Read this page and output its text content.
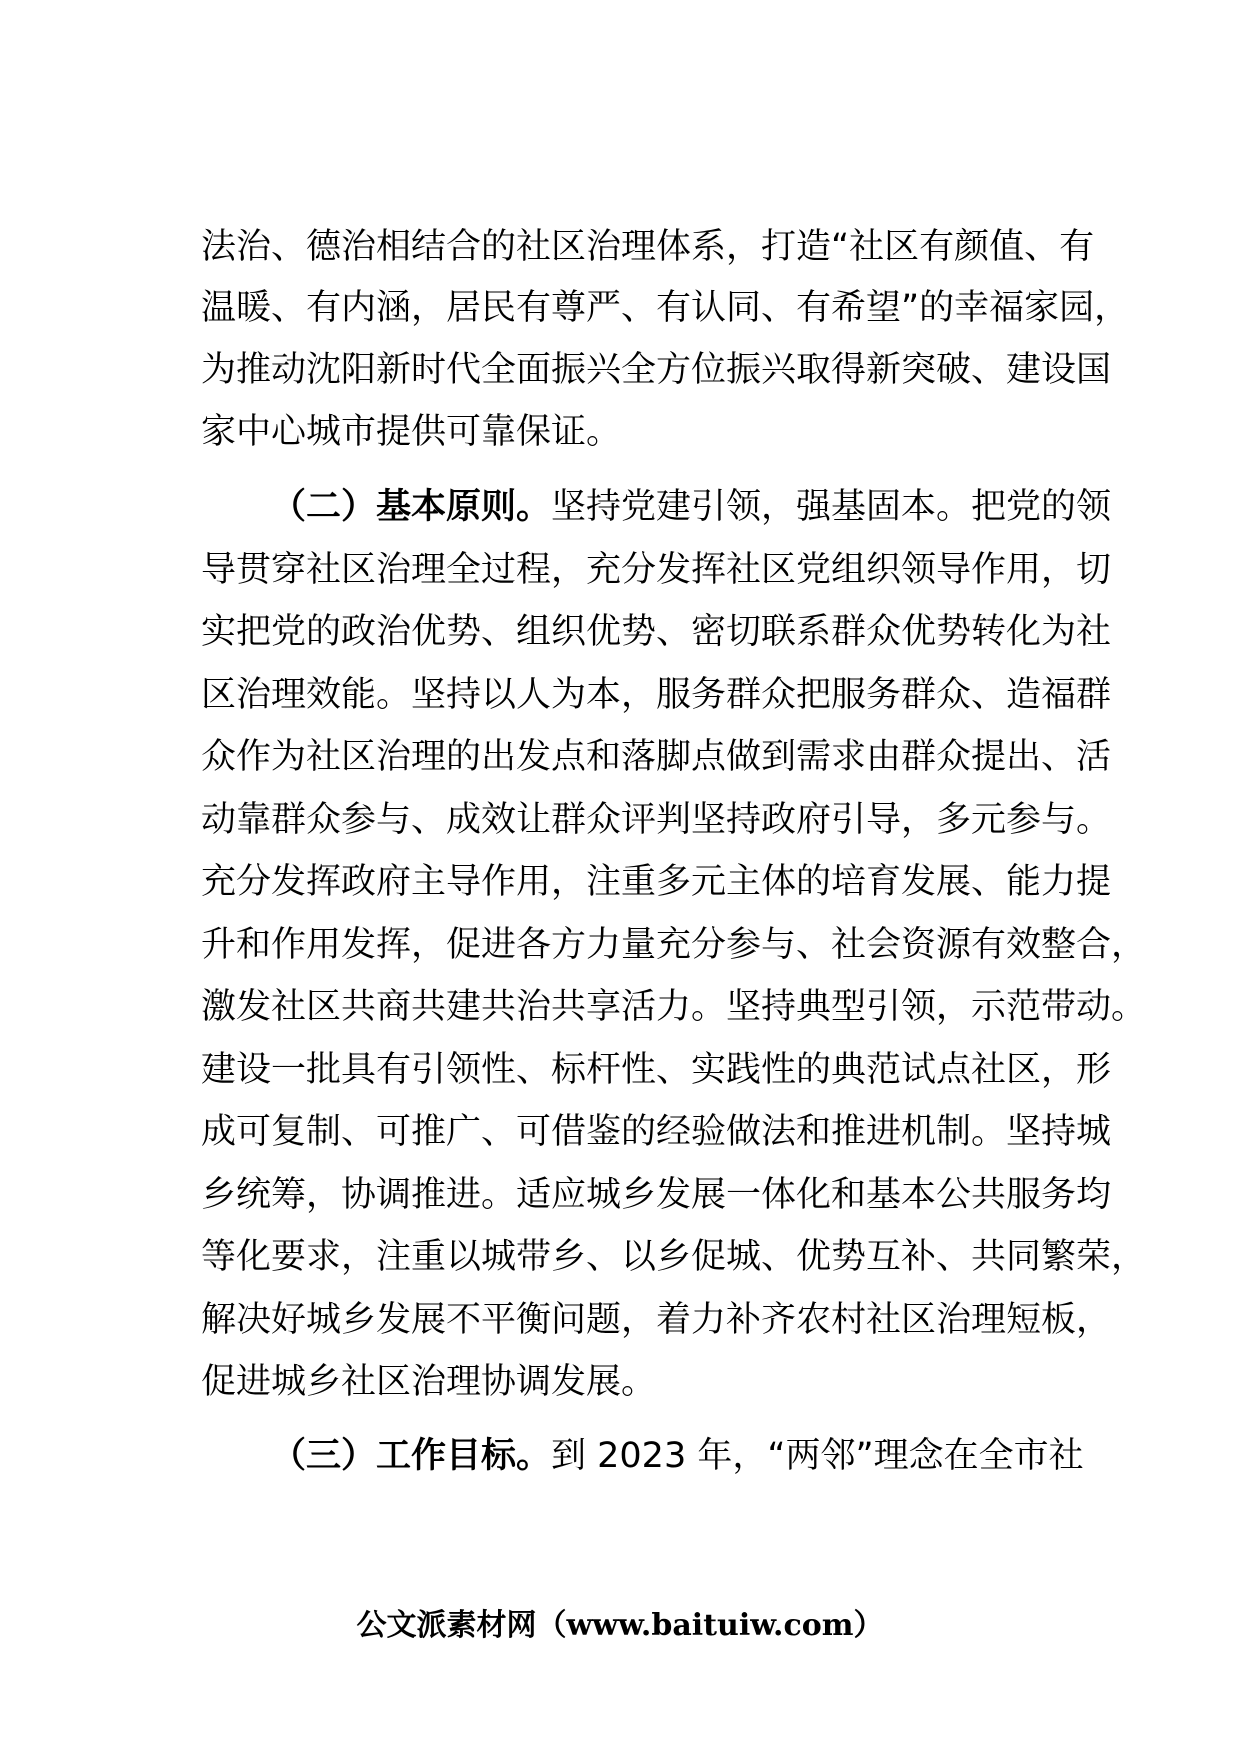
法治、德治相结合的社区治理体系，打造“社区有颜值、有
温暖、有内涵，居民有尊严、有认同、有希望”的幸福家园，
为推动沈阳新时代全面振兴全方位振兴取得新突破、建设国
家中心城市提供可靠保证。
（二）基本原则。坚持党建引领，强基固本。把党的领
导贯穿社区治理全过程，充分发挥社区党组织领导作用，切
实把党的政治优势、组织优势、密切联系群众优势转化为社
区治理效能。坚持以人为本，服务群众把服务群众、造福群
众作为社区治理的出发点和落脚点做到需求由群众提出、活
动靠群众参与、成效让群众评判坚持政府引导，多元参与。
充分发挥政府主导作用，注重多元主体的培育发展、能力提
升和作用发挥，促进各方力量充分参与、社会资源有效整合，
激发社区共商共建共治共享活力。坚持典型引领，示范带动。
建设一批具有引领性、标杆性、实践性的典范试点社区，形
成可复制、可推广、可借鉴的经验做法和推进机制。坚持城
乡统筹，协调推进。适应城乡发展一体化和基本公共服务均
等化要求，注重以城带乡、以乡促城、优势互补、共同繁荣，
解决好城乡发展不平衡问题，着力补齐农村社区治理短板，
促进城乡社区治理协调发展。
（三）工作目标。到 2023 年，“两邻”理念在全市社
公文派素材网（www.baituiw.com）
